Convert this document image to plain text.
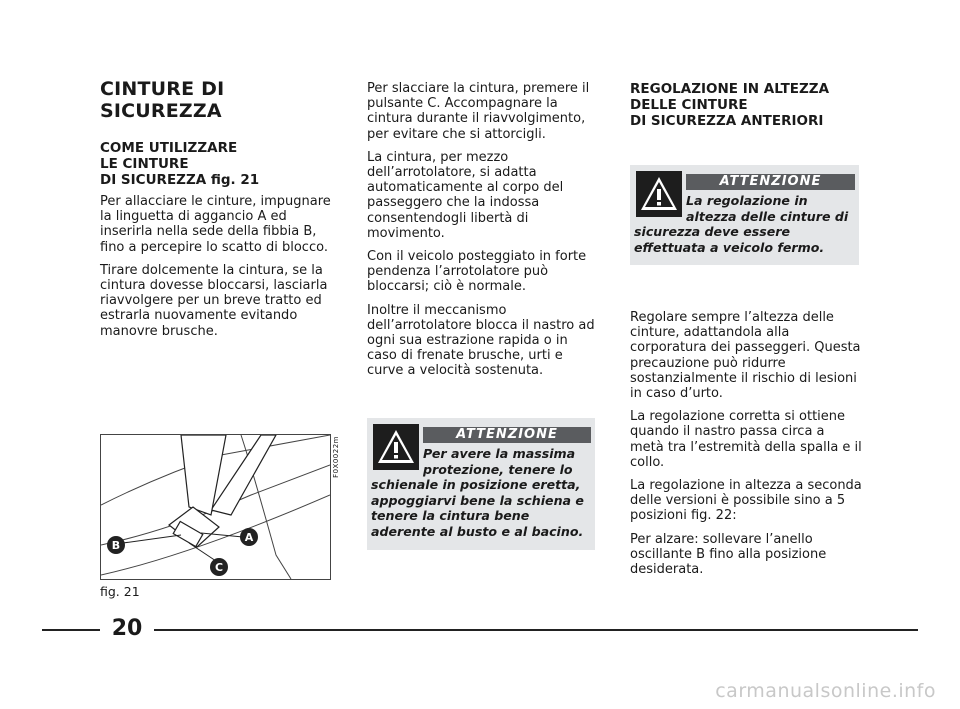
CINTURE DI SICUREZZA
COME UTILIZZARE
LE CINTURE
DI SICUREZZA fig. 21

Per allacciare le cinture, impugnare la linguetta di aggancio A ed inserirla nella sede della fibbia B, fino a percepire lo scatto di blocco.

Tirare dolcemente la cintura, se la cintura dovesse bloccarsi, lasciarla riavvolgere per un breve tratto ed estrarla nuovamente evitando manovre brusche.

B
A
C
F0X0022m
fig. 21

Per slacciare la cintura, premere il pulsante C. Accompagnare la cintura durante il riavvolgimento, per evitare che si attorcigli.

La cintura, per mezzo dell’arrotolatore, si adatta automaticamente al corpo del passeggero che la indossa consentendogli libertà di movimento.

Con il veicolo posteggiato in forte pendenza l’arrotolatore può bloccarsi; ciò è normale.

Inoltre il meccanismo dell’arrotolatore blocca il nastro ad ogni sua estrazione rapida o in caso di frenate brusche, urti e curve a velocità sostenuta.

ATTENZIONE
Per avere la massima protezione, tenere lo
schienale in posizione eretta, appoggiarvi bene la schiena e tenere la cintura bene aderente al busto e al bacino.
REGOLAZIONE IN ALTEZZA
DELLE CINTURE
DI SICUREZZA ANTERIORI
ATTENZIONE
La regolazione in altezza delle cinture di
sicurezza deve essere effettuata a veicolo fermo.

Regolare sempre l’altezza delle cinture, adattandola alla corporatura dei passeggeri. Questa precauzione può ridurre sostanzialmente il rischio di lesioni in caso d’urto.

La regolazione corretta si ottiene quando il nastro passa circa a metà tra l’estremità della spalla e il collo.

La regolazione in altezza a seconda delle versioni è possibile sino a 5 posizioni fig. 22:

Per alzare: sollevare l’anello oscillante B fino alla posizione desiderata.

20
carmanualsonline.info
